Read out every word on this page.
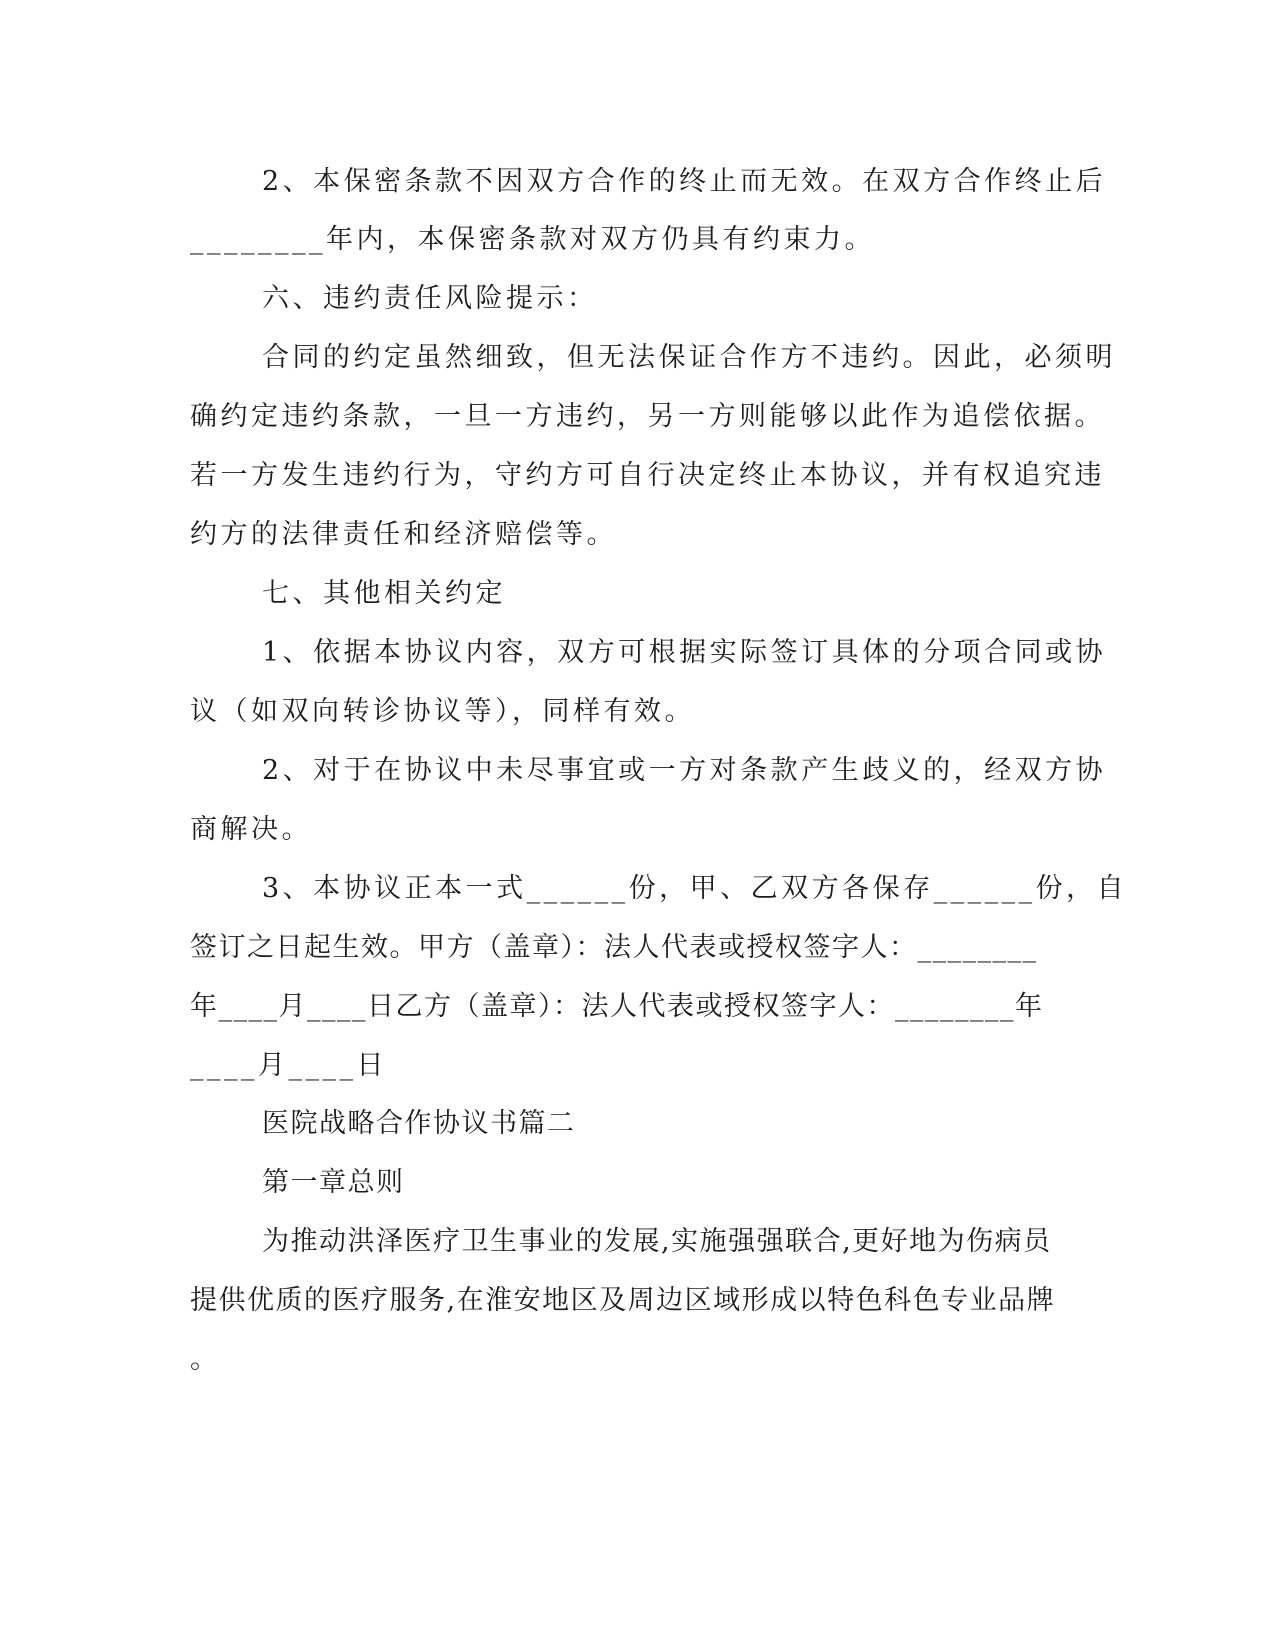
2、本保密条款不因双方合作的终止而无效。在双方合作终止后
________年内，本保密条款对双方仍具有约束力。
六、违约责任风险提示：
合同的约定虽然细致，但无法保证合作方不违约。因此，必须明
确约定违约条款，一旦一方违约，另一方则能够以此作为追偿依据。
若一方发生违约行为，守约方可自行决定终止本协议，并有权追究违
约方的法律责任和经济赔偿等。
七、其他相关约定
1、依据本协议内容，双方可根据实际签订具体的分项合同或协
议（如双向转诊协议等），同样有效。
2、对于在协议中未尽事宜或一方对条款产生歧义的，经双方协
商解决。
3、本协议正本一式______份，甲、乙双方各保存______份，自
签订之日起生效。甲方（盖章）：法人代表或授权签字人：________
年____月____日乙方（盖章）：法人代表或授权签字人：________年
____月____日
医院战略合作协议书篇二
第一章总则
为推动洪泽医疗卫生事业的发展,实施强强联合,更好地为伤病员
提供优质的医疗服务,在淮安地区及周边区域形成以特色科色专业品牌
。
